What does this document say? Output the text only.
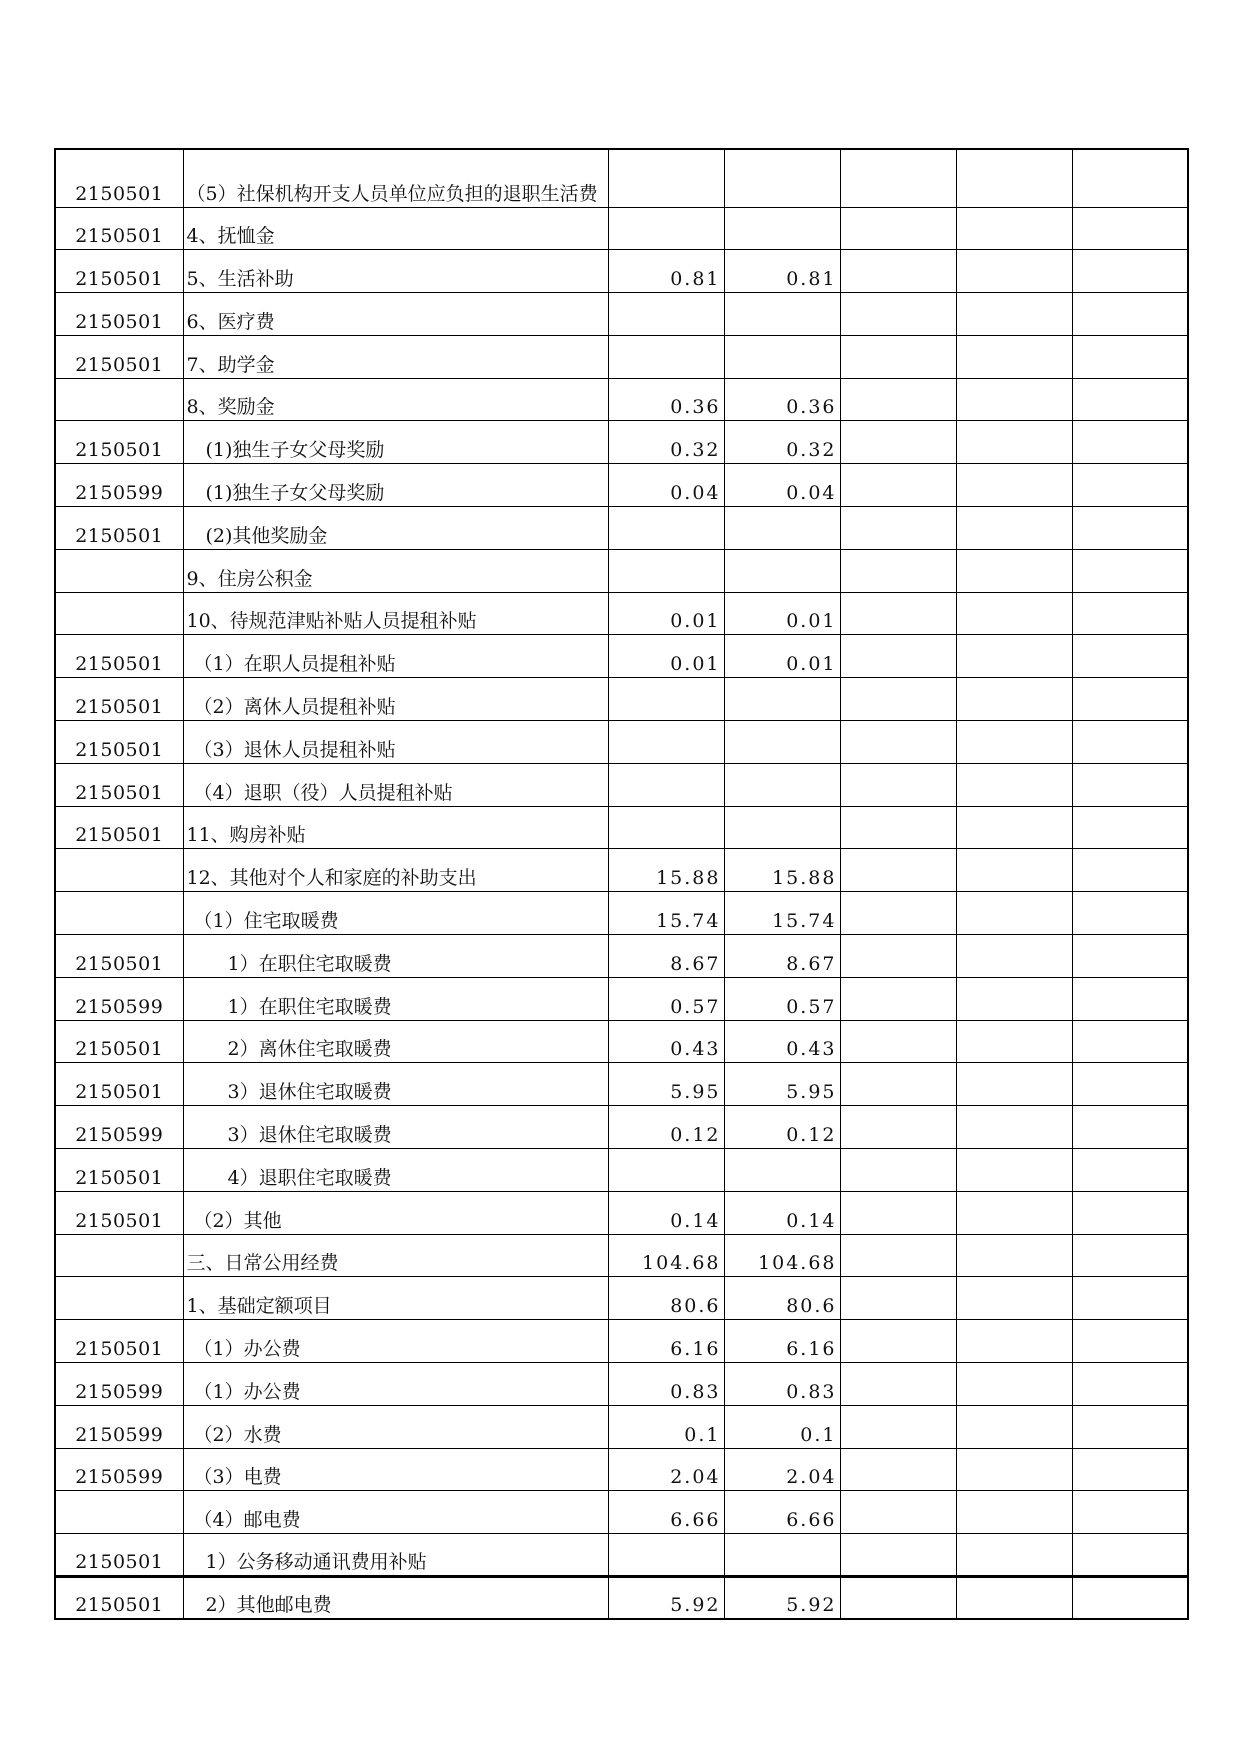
2150501	（5）社保机构开支人员单位应负担的退职生活费					
2150501	4、抚恤金					
2150501	5、生活补助	0.81	0.81			
2150501	6、医疗费					
2150501	7、助学金					
	8、奖励金	0.36	0.36			
2150501	(1)独生子女父母奖励	0.32	0.32			
2150599	(1)独生子女父母奖励	0.04	0.04			
2150501	(2)其他奖励金					
	9、住房公积金					
	10、待规范津贴补贴人员提租补贴	0.01	0.01			
2150501	（1）在职人员提租补贴	0.01	0.01			
2150501	（2）离休人员提租补贴					
2150501	（3）退休人员提租补贴					
2150501	（4）退职（役）人员提租补贴					
2150501	11、购房补贴					
	12、其他对个人和家庭的补助支出	15.88	15.88			
	（1）住宅取暖费	15.74	15.74			
2150501	1）在职住宅取暖费	8.67	8.67			
2150599	1）在职住宅取暖费	0.57	0.57			
2150501	2）离休住宅取暖费	0.43	0.43			
2150501	3）退休住宅取暖费	5.95	5.95			
2150599	3）退休住宅取暖费	0.12	0.12			
2150501	4）退职住宅取暖费					
2150501	（2）其他	0.14	0.14			
	三、日常公用经费	104.68	104.68			
	1、基础定额项目	80.6	80.6			
2150501	（1）办公费	6.16	6.16			
2150599	（1）办公费	0.83	0.83			
2150599	（2）水费	0.1	0.1			
2150599	（3）电费	2.04	2.04			
	（4）邮电费	6.66	6.66			
2150501	1）公务移动通讯费用补贴					
2150501	2）其他邮电费	5.92	5.92			
